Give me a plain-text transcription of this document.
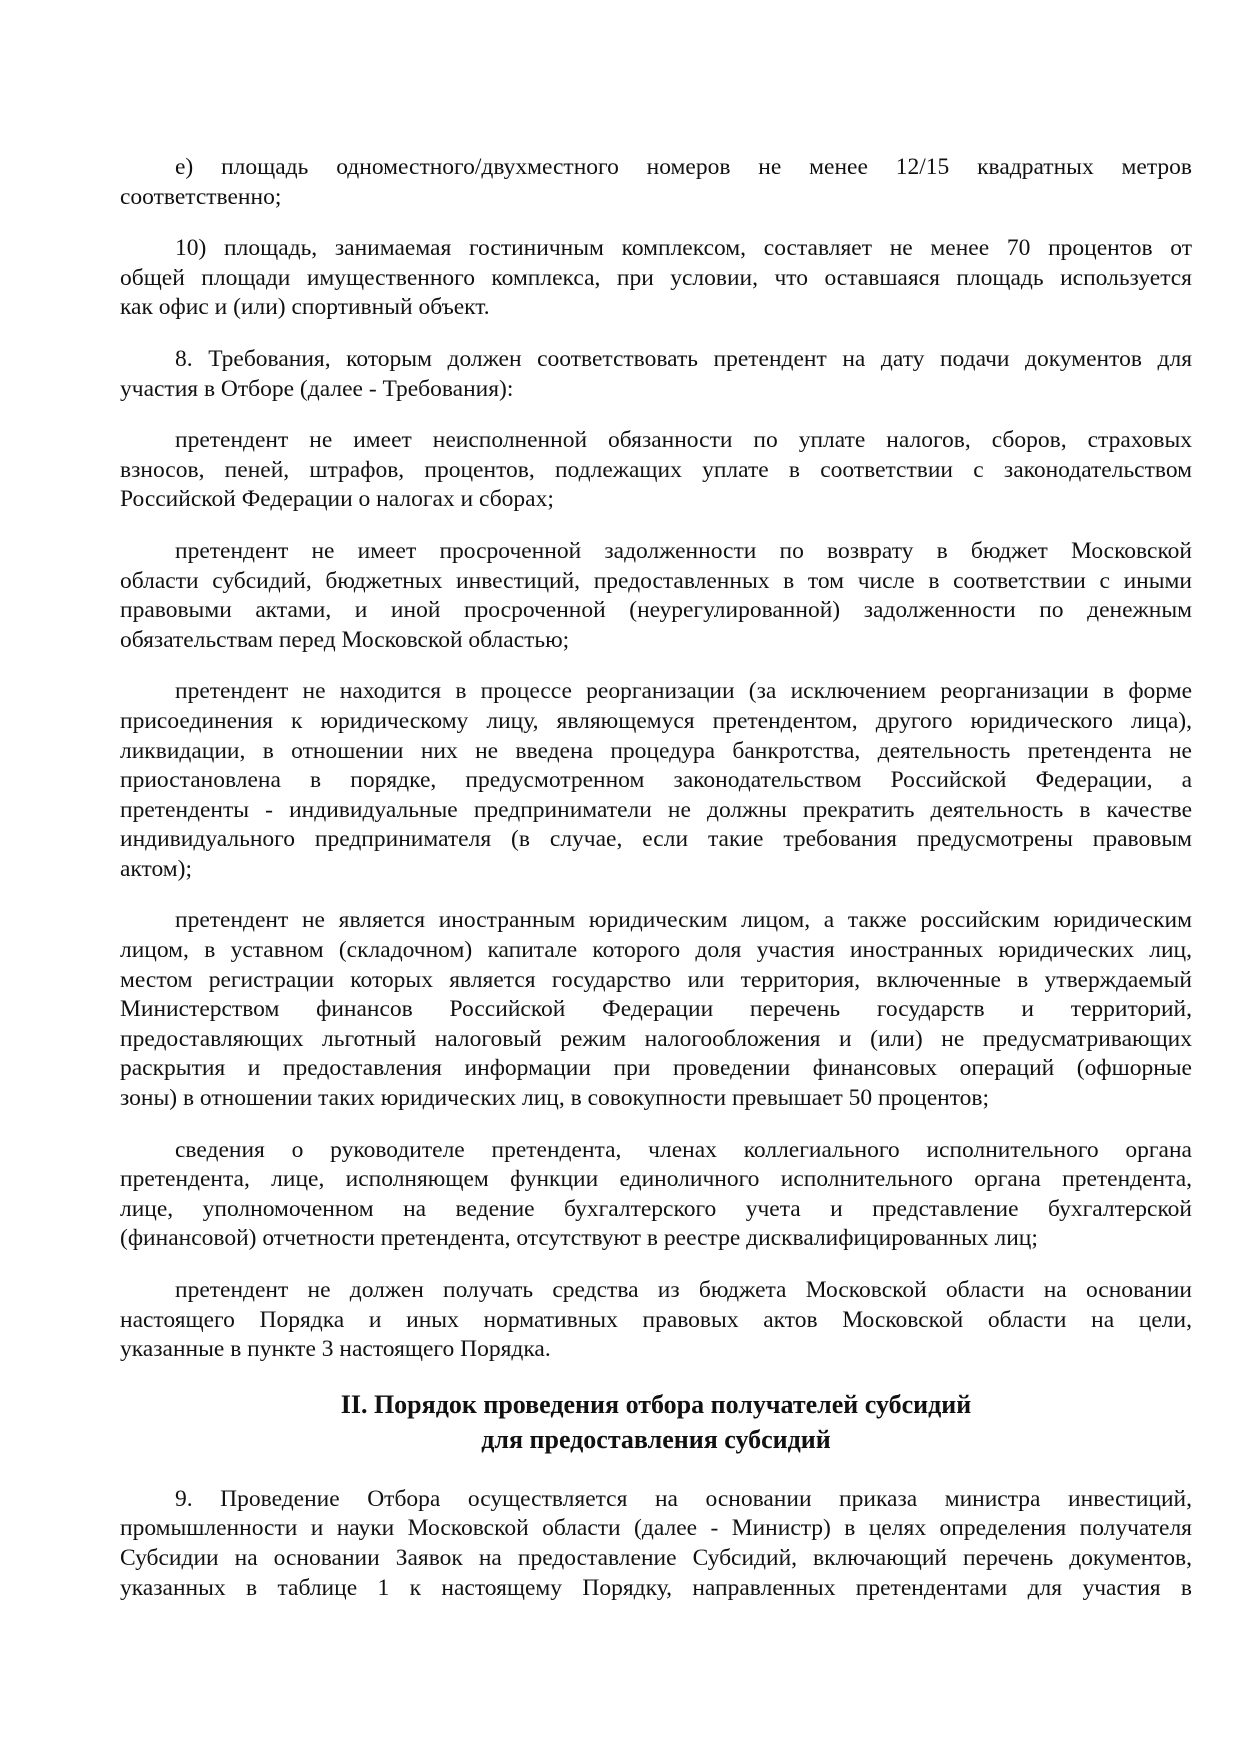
е) площадь одноместного/двухместного номеров не менее 12/15 квадратных метров
соответственно;
10) площадь, занимаемая гостиничным комплексом, составляет не менее 70 процентов от
общей площади имущественного комплекса, при условии, что оставшаяся площадь используется
как офис и (или) спортивный объект.
8. Требования, которым должен соответствовать претендент на дату подачи документов для
участия в Отборе (далее - Требования):
претендент не имеет неисполненной обязанности по уплате налогов, сборов, страховых
взносов, пеней, штрафов, процентов, подлежащих уплате в соответствии с законодательством
Российской Федерации о налогах и сборах;
претендент не имеет просроченной задолженности по возврату в бюджет Московской
области субсидий, бюджетных инвестиций, предоставленных в том числе в соответствии с иными
правовыми актами, и иной просроченной (неурегулированной) задолженности по денежным
обязательствам перед Московской областью;
претендент не находится в процессе реорганизации (за исключением реорганизации в форме
присоединения к юридическому лицу, являющемуся претендентом, другого юридического лица),
ликвидации, в отношении них не введена процедура банкротства, деятельность претендента не
приостановлена в порядке, предусмотренном законодательством Российской Федерации, а
претенденты - индивидуальные предприниматели не должны прекратить деятельность в качестве
индивидуального предпринимателя (в случае, если такие требования предусмотрены правовым
актом);
претендент не является иностранным юридическим лицом, а также российским юридическим
лицом, в уставном (складочном) капитале которого доля участия иностранных юридических лиц,
местом регистрации которых является государство или территория, включенные в утверждаемый
Министерством финансов Российской Федерации перечень государств и территорий,
предоставляющих льготный налоговый режим налогообложения и (или) не предусматривающих
раскрытия и предоставления информации при проведении финансовых операций (офшорные
зоны) в отношении таких юридических лиц, в совокупности превышает 50 процентов;
сведения о руководителе претендента, членах коллегиального исполнительного органа
претендента, лице, исполняющем функции единоличного исполнительного органа претендента,
лице, уполномоченном на ведение бухгалтерского учета и представление бухгалтерской
(финансовой) отчетности претендента, отсутствуют в реестре дисквалифицированных лиц;
претендент не должен получать средства из бюджета Московской области на основании
настоящего Порядка и иных нормативных правовых актов Московской области на цели,
указанные в пункте 3 настоящего Порядка.
II. Порядок проведения отбора получателей субсидий
для предоставления субсидий
9. Проведение Отбора осуществляется на основании приказа министра инвестиций,
промышленности и науки Московской области (далее - Министр) в целях определения получателя
Субсидии на основании Заявок на предоставление Субсидий, включающий перечень документов,
указанных в таблице 1 к настоящему Порядку, направленных претендентами для участия в
